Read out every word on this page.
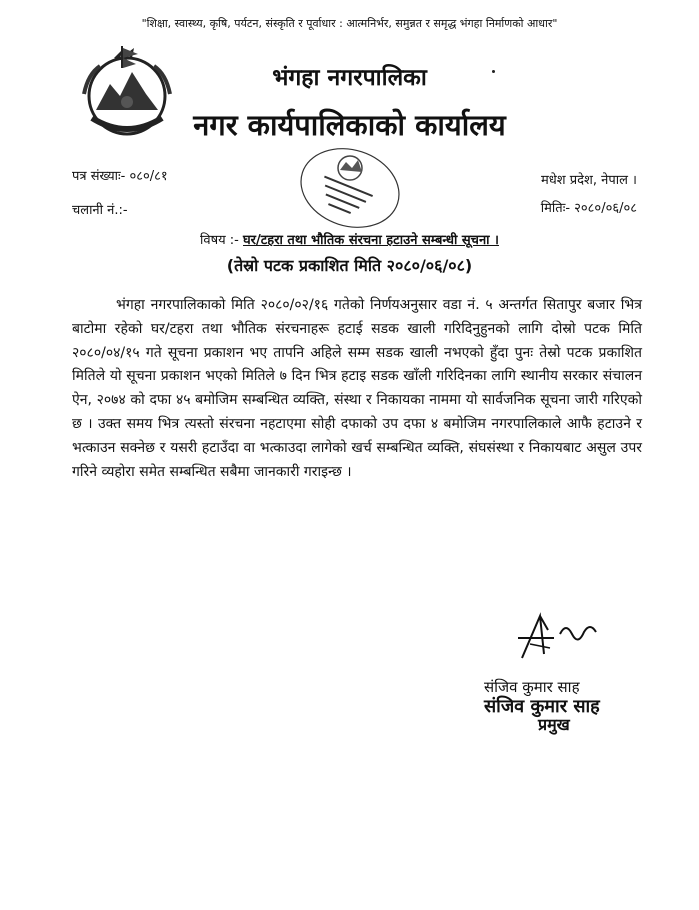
"शिक्षा, स्वास्थ्य, कृषि, पर्यटन, संस्कृति र पूर्वाधार : आत्मनिर्भर, समुन्नत र समृद्ध भंगहा निर्माणको आधार"
भंगहा नगरपालिका
नगर कार्यपालिकाको कार्यालय
पत्र संख्याः- ०८०/८१
चलानी नं.:-
मधेश प्रदेश, नेपाल ।
मितिः- २०८०/०६/०८
विषय :- घर/टहरा तथा भौतिक संरचना हटाउने सम्बन्धी सूचना ।
(तेस्रो पटक प्रकाशित मिति २०८०/०६/०८)

भंगहा नगरपालिकाको मिति २०८०/०२/१६ गतेको निर्णयअनुसार वडा नं. ५ अन्तर्गत सितापुर बजार भित्र बाटोमा रहेको घर/टहरा तथा भौतिक संरचनाहरू हटाई सडक खाली गरिदिनुहुनको लागि दोस्रो पटक मिति २०८०/०४/१५ गते सूचना प्रकाशन भए तापनि अहिले सम्म सडक खाली नभएको हुँदा पुनः तेस्रो पटक प्रकाशित मितिले यो सूचना प्रकाशन भएको मितिले ७ दिन भित्र हटाइ सडक खाँली गरिदिनका लागि स्थानीय सरकार संचालन ऐन, २०७४ को दफा ४५ बमोजिम सम्बन्धित व्यक्ति, संस्था र निकायका नाममा यो सार्वजनिक सूचना जारी गरिएको छ । उक्त समय भित्र त्यस्तो संरचना नहटाएमा सोही दफाको उप दफा ४ बमोजिम नगरपालिकाले आफै हटाउने र भत्काउन सक्नेछ र यसरी हटाउँदा वा भत्काउदा लागेको खर्च सम्बन्धित व्यक्ति, संघसंस्था र निकायबाट असुल उपर गरिने व्यहोरा समेत सम्बन्धित सबैमा जानकारी गराइन्छ ।

संजिव कुमार साह
संजिव कुमार साह
प्रमुख
